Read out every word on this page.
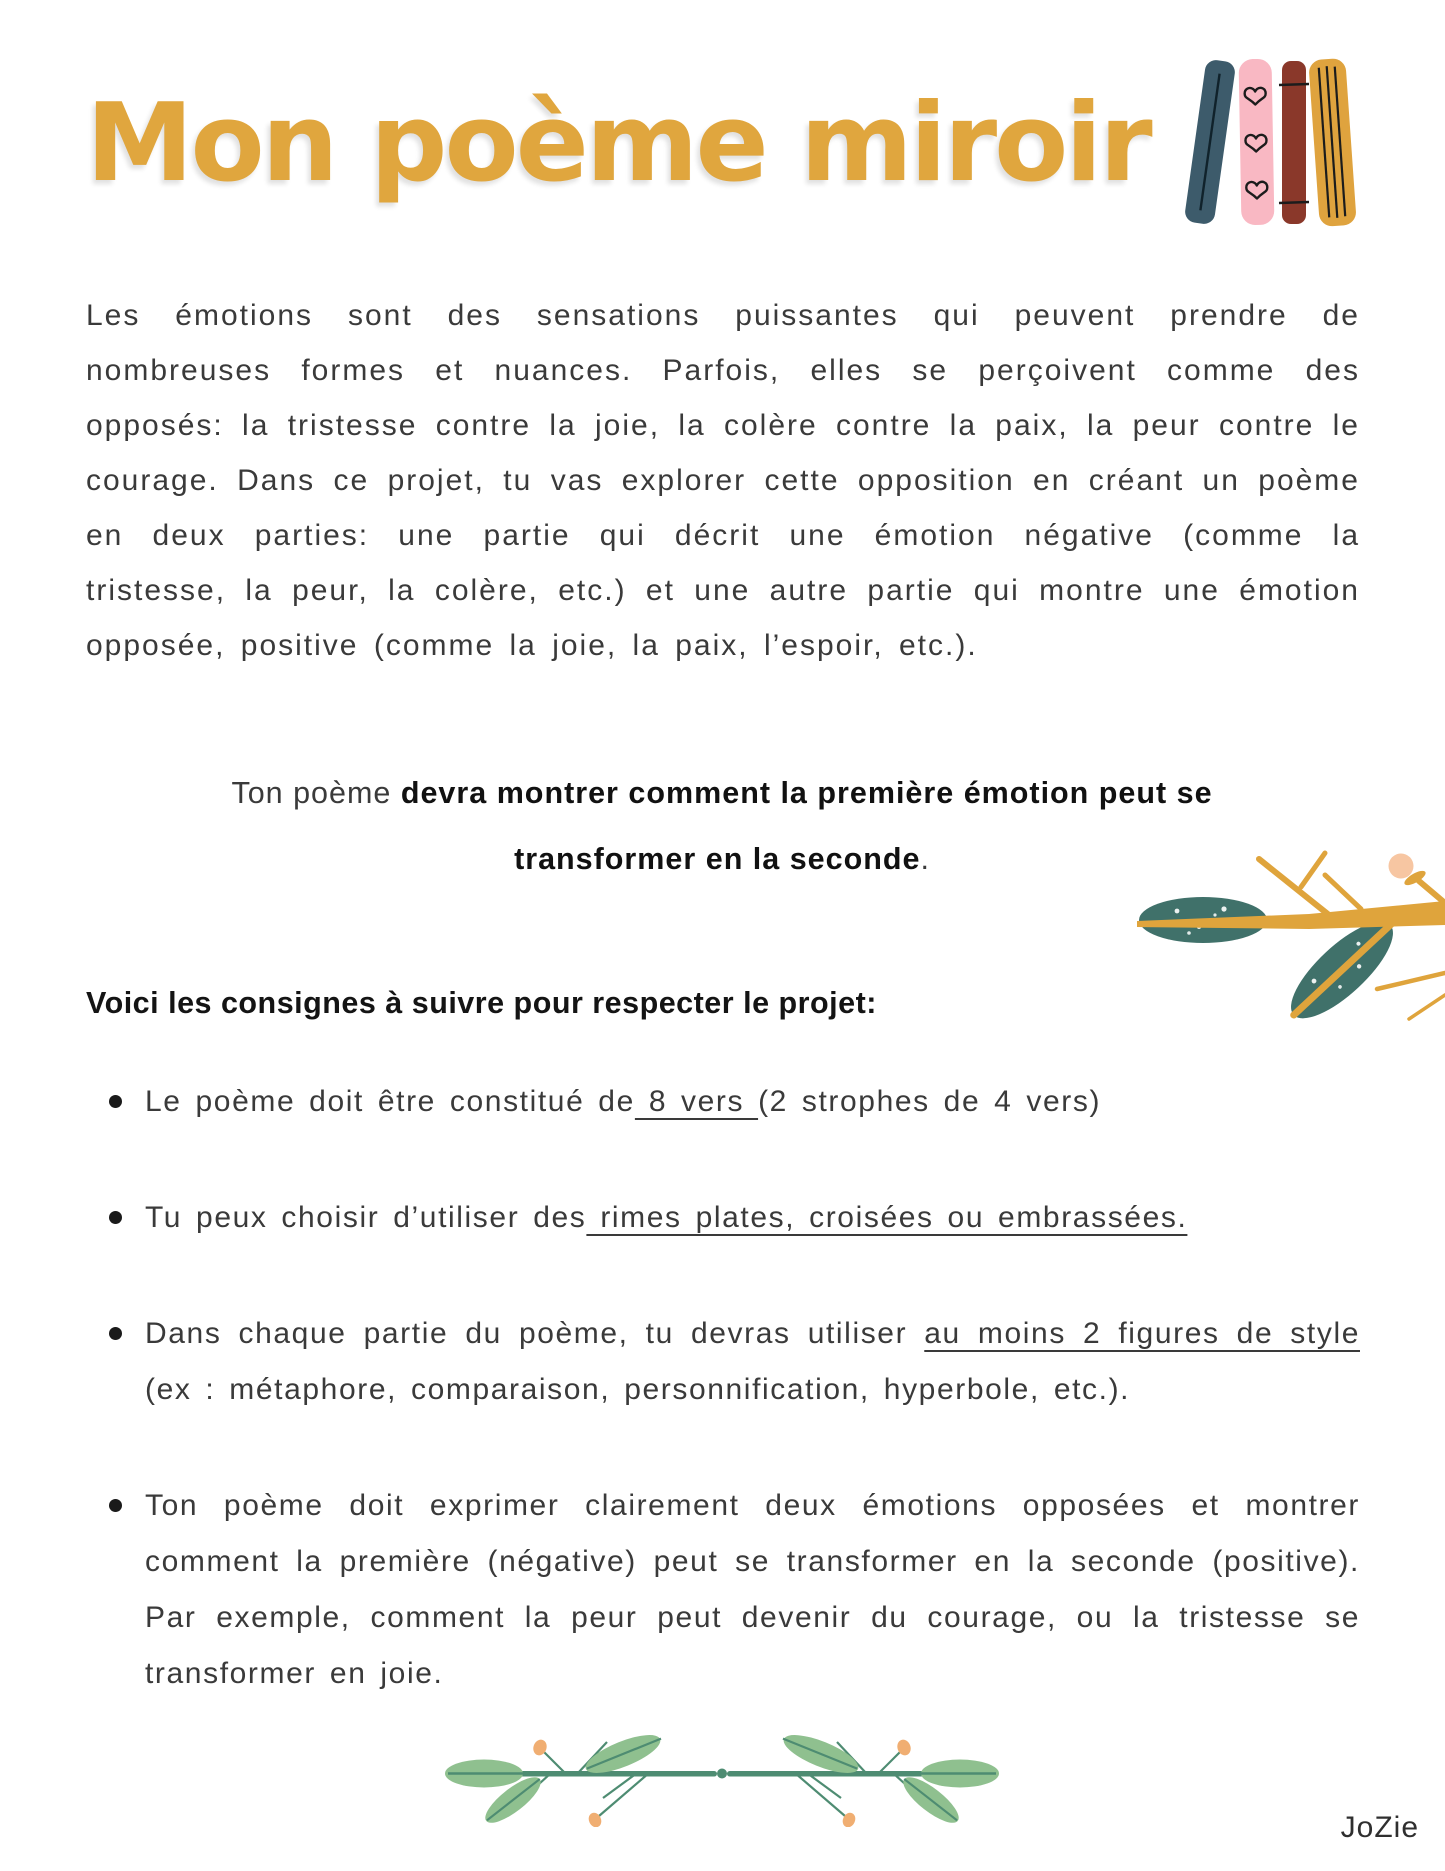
Mon poème miroir

Les émotions sont des sensations puissantes qui peuvent prendre de nombreuses formes et nuances. Parfois, elles se perçoivent comme des opposés: la tristesse contre la joie, la colère contre la paix, la peur contre le courage. Dans ce projet, tu vas explorer cette opposition en créant un poème en deux parties: une partie qui décrit une émotion négative (comme la tristesse, la peur, la colère, etc.) et une autre partie qui montre une émotion opposée, positive (comme la joie, la paix, l’espoir, etc.).

Ton poème devra montrer comment la première émotion peut se transformer en la seconde.
Voici les consignes à suivre pour respecter le projet:
Le poème doit être constitué de 8 vers (2 strophes de 4 vers)
Tu peux choisir d’utiliser des rimes plates, croisées ou embrassées.
Dans chaque partie du poème, tu devras utiliser au moins 2 figures de style (ex : métaphore, comparaison, personnification, hyperbole, etc.).
Ton poème doit exprimer clairement deux émotions opposées et montrer comment la première (négative) peut se transformer en la seconde (positive). Par exemple, comment la peur peut devenir du courage, ou la tristesse se transformer en joie.
JoZie
